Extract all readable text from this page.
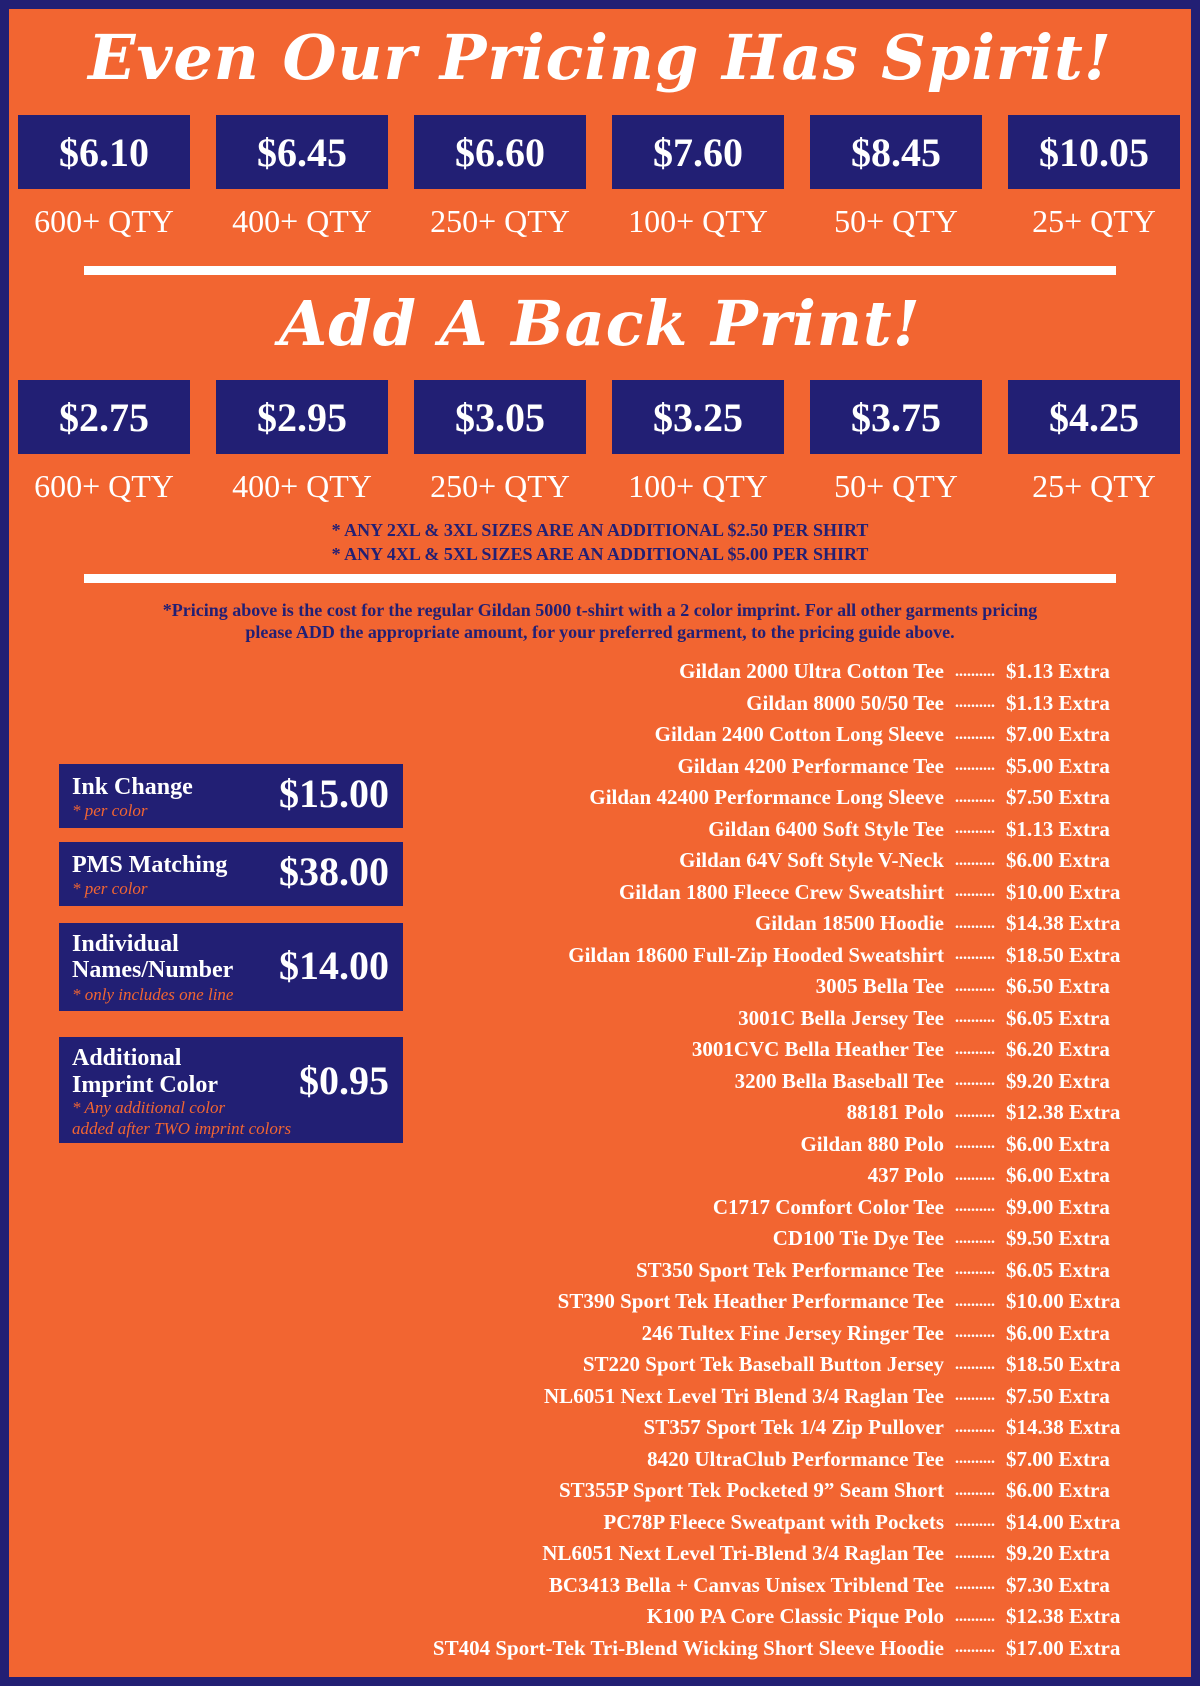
Even Our Pricing Has Spirit!
$6.10
600+ QTY
$6.45
400+ QTY
$6.60
250+ QTY
$7.60
100+ QTY
$8.45
50+ QTY
$10.05
25+ QTY
Add A Back Print!
$2.75
600+ QTY
$2.95
400+ QTY
$3.05
250+ QTY
$3.25
100+ QTY
$3.75
50+ QTY
$4.25
25+ QTY
* ANY 2XL & 3XL SIZES ARE AN ADDITIONAL $2.50 PER SHIRT
* ANY 4XL & 5XL SIZES ARE AN ADDITIONAL $5.00 PER SHIRT
*Pricing above is the cost for the regular Gildan 5000 t-shirt with a 2 color imprint. For all other garments pricing
please ADD the appropriate amount, for your preferred garment, to the pricing guide above.
Ink Change
* per color	$15.00
PMS Matching
* per color	$38.00
Individual
Names/Number
* only includes one line
$14.00
Additional
Imprint Color
* Any additional color
added after TWO imprint colors
$0.95
Gildan 2000 Ultra Cotton Tee .......... $1.13 Extra
Gildan 8000 50/50 Tee .......... $1.13 Extra
Gildan 2400 Cotton Long Sleeve .......... $7.00 Extra
Gildan 4200 Performance Tee .......... $5.00 Extra
Gildan 42400 Performance Long Sleeve .......... $7.50 Extra
Gildan 6400 Soft Style Tee .......... $1.13 Extra
Gildan 64V Soft Style V-Neck .......... $6.00 Extra
Gildan 1800 Fleece Crew Sweatshirt .......... $10.00 Extra
Gildan 18500 Hoodie .......... $14.38 Extra
Gildan 18600 Full-Zip Hooded Sweatshirt .......... $18.50 Extra
3005 Bella Tee .......... $6.50 Extra
3001C Bella Jersey Tee .......... $6.05 Extra
3001CVC Bella Heather Tee .......... $6.20 Extra
3200 Bella Baseball Tee .......... $9.20 Extra
88181 Polo .......... $12.38 Extra
Gildan 880 Polo .......... $6.00 Extra
437 Polo .......... $6.00 Extra
C1717 Comfort Color Tee .......... $9.00 Extra
CD100 Tie Dye Tee .......... $9.50 Extra
ST350 Sport Tek Performance Tee .......... $6.05 Extra
ST390 Sport Tek Heather Performance Tee .......... $10.00 Extra
246 Tultex Fine Jersey Ringer Tee .......... $6.00 Extra
ST220 Sport Tek Baseball Button Jersey .......... $18.50 Extra
NL6051 Next Level Tri Blend 3/4 Raglan Tee .......... $7.50 Extra
ST357 Sport Tek 1/4 Zip Pullover .......... $14.38 Extra
8420 UltraClub Performance Tee .......... $7.00 Extra
ST355P Sport Tek Pocketed 9” Seam Short .......... $6.00 Extra
PC78P Fleece Sweatpant with Pockets .......... $14.00 Extra
NL6051 Next Level Tri-Blend 3/4 Raglan Tee .......... $9.20 Extra
BC3413 Bella + Canvas Unisex Triblend Tee .......... $7.30 Extra
K100 PA Core Classic Pique Polo .......... $12.38 Extra
ST404 Sport-Tek Tri-Blend Wicking Short Sleeve Hoodie .......... $17.00 Extra
